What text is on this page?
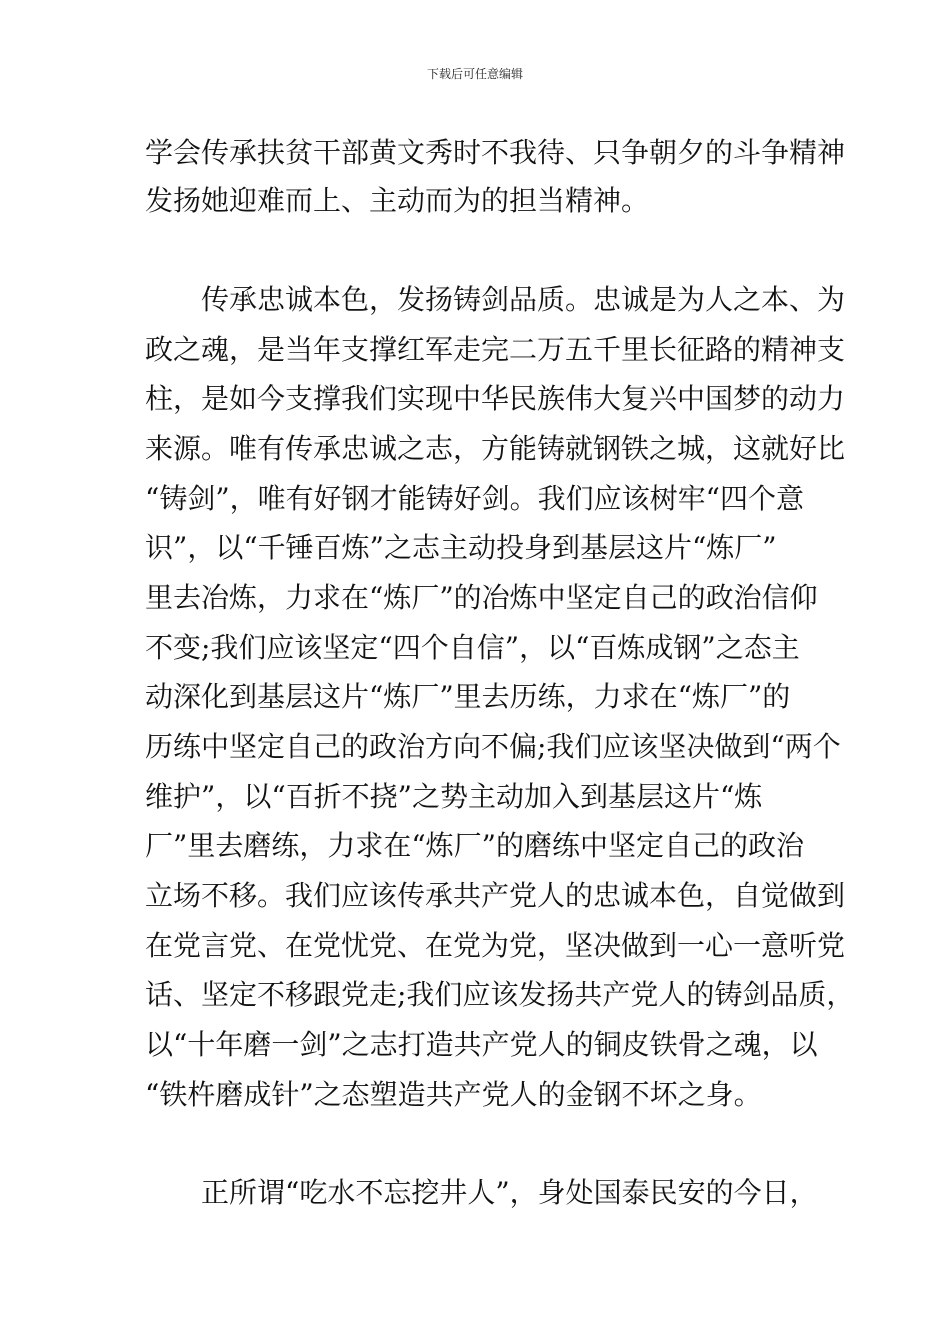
下载后可任意编辑
学会传承扶贫干部黄文秀时不我待、只争朝夕的斗争精神
发扬她迎难而上、主动而为的担当精神。
传承忠诚本色，发扬铸剑品质。忠诚是为人之本、为
政之魂，是当年支撑红军走完二万五千里长征路的精神支
柱，是如今支撑我们实现中华民族伟大复兴中国梦的动力
来源。唯有传承忠诚之志，方能铸就钢铁之城，这就好比
“铸剑”，唯有好钢才能铸好剑。我们应该树牢“四个意
识”，以“千锤百炼”之志主动投身到基层这片“炼厂”
里去冶炼，力求在“炼厂”的冶炼中坚定自己的政治信仰
不变;我们应该坚定“四个自信”，以“百炼成钢”之态主
动深化到基层这片“炼厂”里去历练，力求在“炼厂”的
历练中坚定自己的政治方向不偏;我们应该坚决做到“两个
维护”，以“百折不挠”之势主动加入到基层这片“炼
厂”里去磨练，力求在“炼厂”的磨练中坚定自己的政治
立场不移。我们应该传承共产党人的忠诚本色，自觉做到
在党言党、在党忧党、在党为党，坚决做到一心一意听党
话、坚定不移跟党走;我们应该发扬共产党人的铸剑品质，
以“十年磨一剑”之志打造共产党人的铜皮铁骨之魂，以
“铁杵磨成针”之态塑造共产党人的金钢不坏之身。
正所谓“吃水不忘挖井人”，身处国泰民安的今日，
